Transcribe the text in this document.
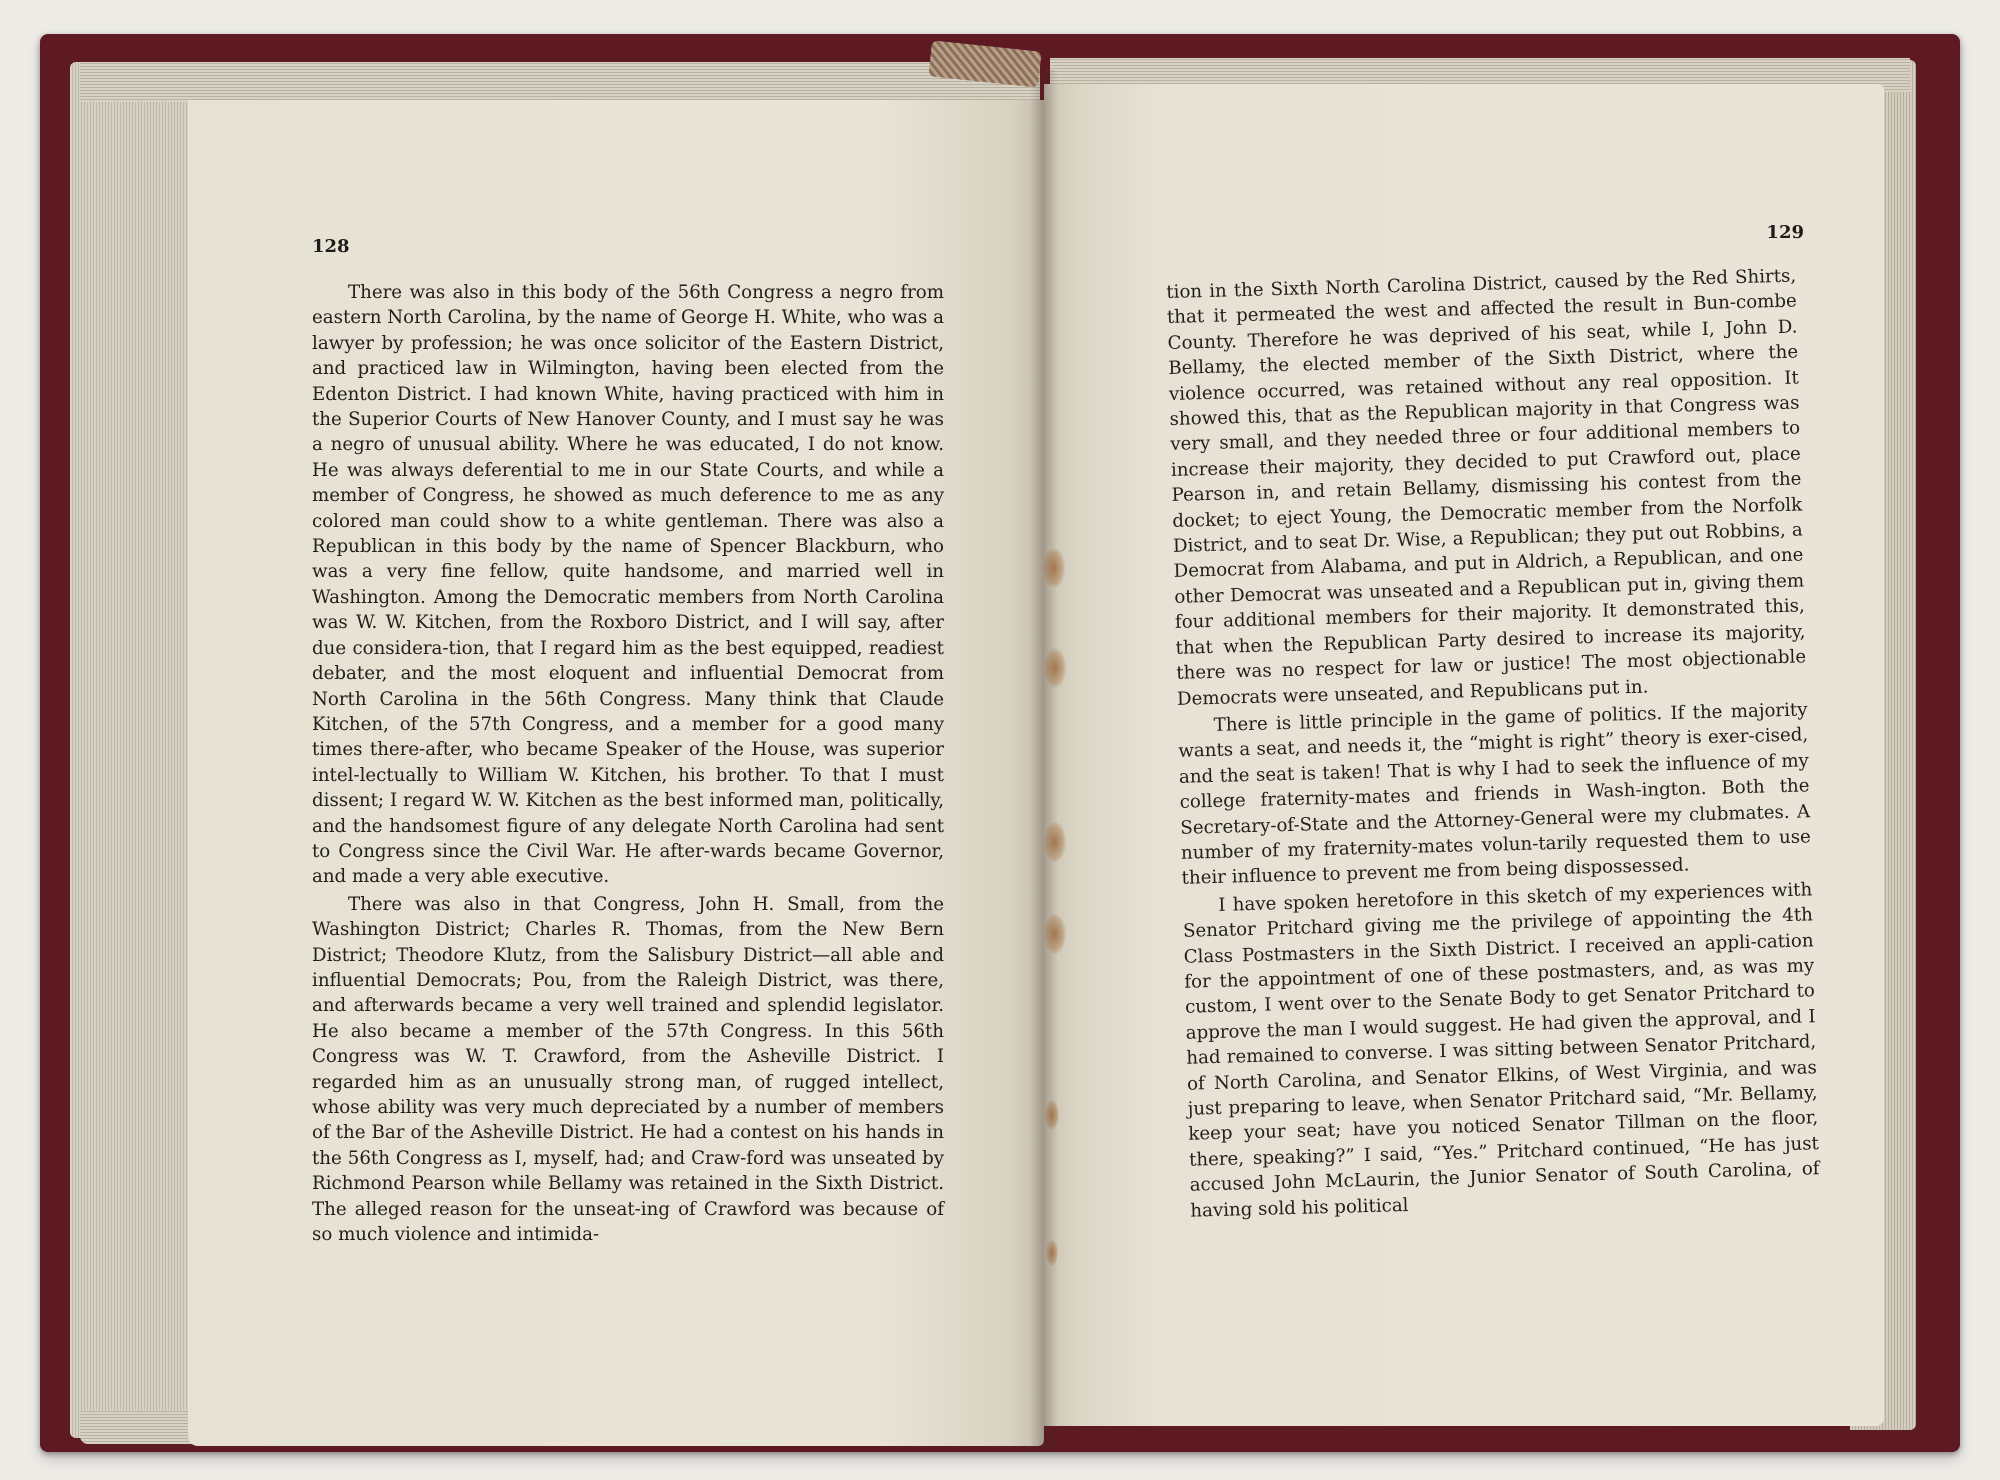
128

There was also in this body of the 56th Congress a negro from eastern North Carolina, by the name of George H. White, who was a lawyer by profession; he was once solicitor of the Eastern District, and practiced law in Wilmington, having been elected from the Edenton District. I had known White, having practiced with him in the Superior Courts of New Hanover County, and I must say he was a negro of unusual ability. Where he was educated, I do not know. He was always deferential to me in our State Courts, and while a member of Congress, he showed as much deference to me as any colored man could show to a white gentleman. There was also a Republican in this body by the name of Spencer Blackburn, who was a very fine fellow, quite handsome, and married well in Washington. Among the Democratic members from North Carolina was W. W. Kitchen, from the Roxboro District, and I will say, after due considera-tion, that I regard him as the best equipped, readiest debater, and the most eloquent and influential Democrat from North Carolina in the 56th Congress. Many think that Claude Kitchen, of the 57th Congress, and a member for a good many times there-after, who became Speaker of the House, was superior intel-lectually to William W. Kitchen, his brother. To that I must dissent; I regard W. W. Kitchen as the best informed man, politically, and the handsomest figure of any delegate North Carolina had sent to Congress since the Civil War. He after-wards became Governor, and made a very able executive.

There was also in that Congress, John H. Small, from the Washington District; Charles R. Thomas, from the New Bern District; Theodore Klutz, from the Salisbury District—all able and influential Democrats; Pou, from the Raleigh District, was there, and afterwards became a very well trained and splendid legislator. He also became a member of the 57th Congress. In this 56th Congress was W. T. Crawford, from the Asheville District. I regarded him as an unusually strong man, of rugged intellect, whose ability was very much depreciated by a number of members of the Bar of the Asheville District. He had a contest on his hands in the 56th Congress as I, myself, had; and Craw-ford was unseated by Richmond Pearson while Bellamy was retained in the Sixth District. The alleged reason for the unseat-ing of Crawford was because of so much violence and intimida-

129

tion in the Sixth North Carolina District, caused by the Red Shirts, that it permeated the west and affected the result in Bun-combe County. Therefore he was deprived of his seat, while I, John D. Bellamy, the elected member of the Sixth District, where the violence occurred, was retained without any real opposition. It showed this, that as the Republican majority in that Congress was very small, and they needed three or four additional members to increase their majority, they decided to put Crawford out, place Pearson in, and retain Bellamy, dismissing his contest from the docket; to eject Young, the Democratic member from the Norfolk District, and to seat Dr. Wise, a Republican; they put out Robbins, a Democrat from Alabama, and put in Aldrich, a Republican, and one other Democrat was unseated and a Republican put in, giving them four additional members for their majority. It demonstrated this, that when the Republican Party desired to increase its majority, there was no respect for law or justice! The most objectionable Democrats were unseated, and Republicans put in.

There is little principle in the game of politics. If the majority wants a seat, and needs it, the “might is right” theory is exer-cised, and the seat is taken! That is why I had to seek the influence of my college fraternity-mates and friends in Wash-ington. Both the Secretary-of-State and the Attorney-General were my clubmates. A number of my fraternity-mates volun-tarily requested them to use their influence to prevent me from being dispossessed.

I have spoken heretofore in this sketch of my experiences with Senator Pritchard giving me the privilege of appointing the 4th Class Postmasters in the Sixth District. I received an appli-cation for the appointment of one of these postmasters, and, as was my custom, I went over to the Senate Body to get Senator Pritchard to approve the man I would suggest. He had given the approval, and I had remained to converse. I was sitting between Senator Pritchard, of North Carolina, and Senator Elkins, of West Virginia, and was just preparing to leave, when Senator Pritchard said, “Mr. Bellamy, keep your seat; have you noticed Senator Tillman on the floor, there, speaking?” I said, “Yes.” Pritchard continued, “He has just accused John McLaurin, the Junior Senator of South Carolina, of having sold his political
